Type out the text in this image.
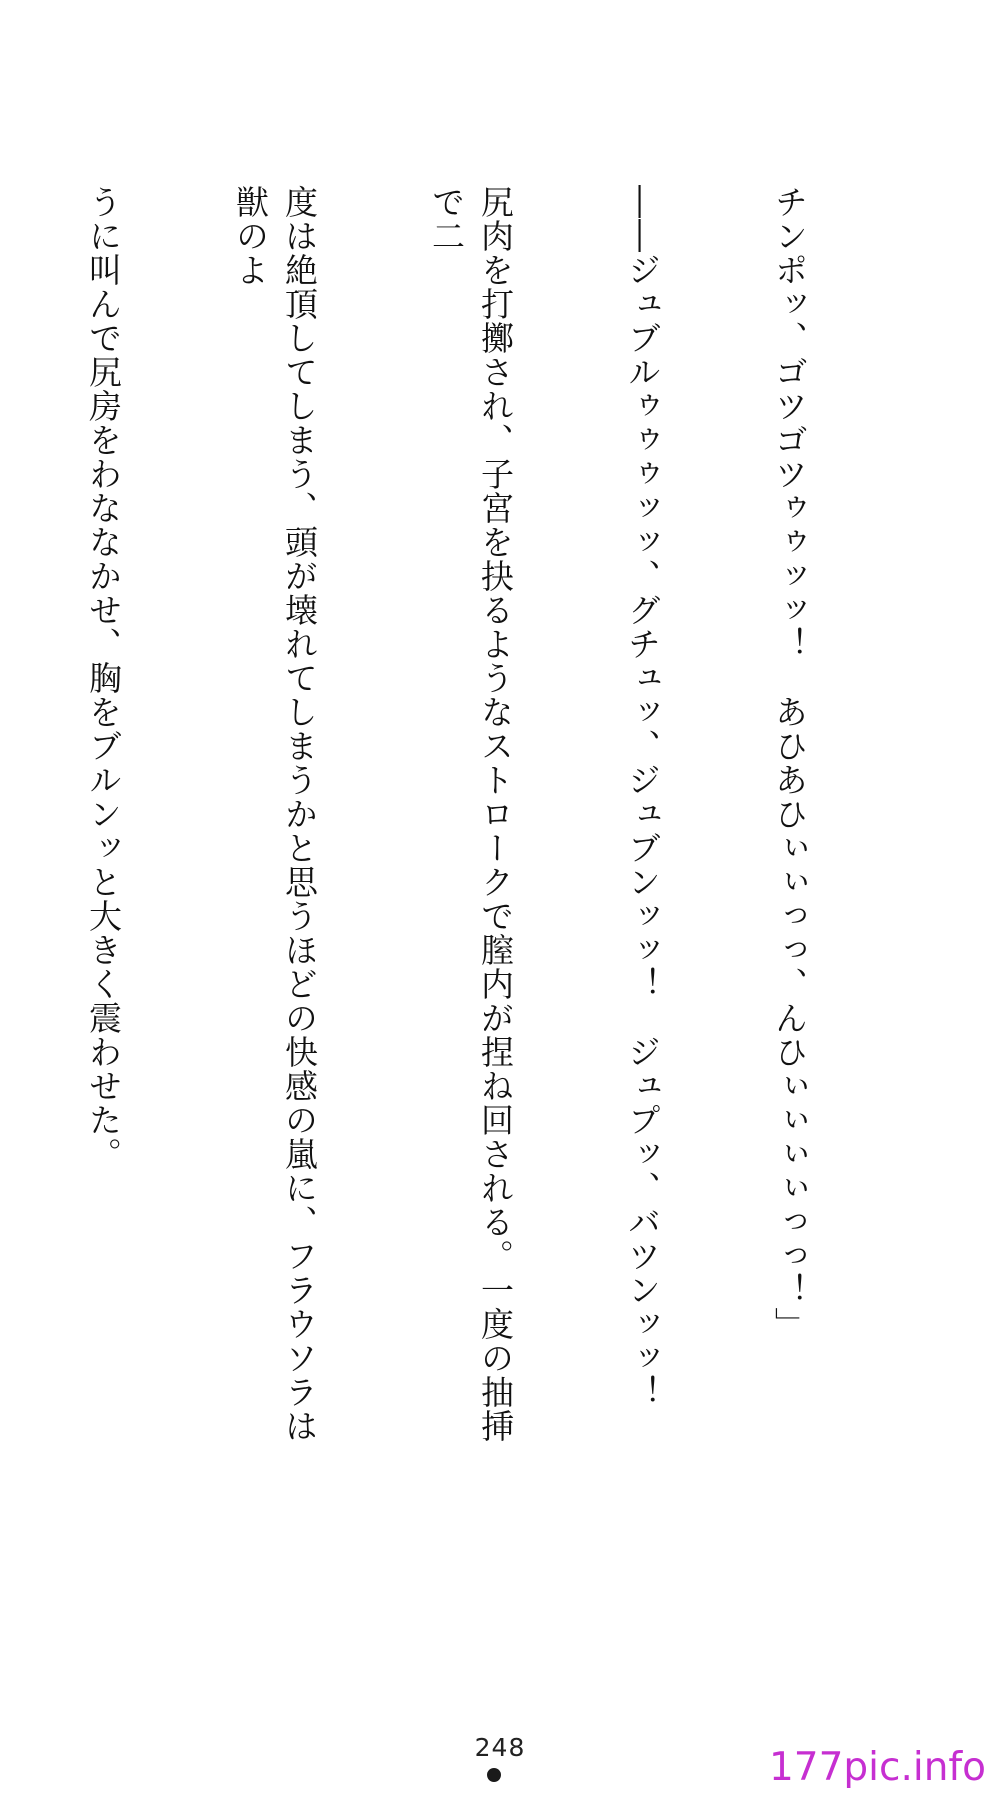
チンポッ、ゴツゴツゥゥッッ！　あひあひぃぃっっ、んひぃぃぃぃっっ！」

――ジュブルゥゥゥッッ、グチュッ、ジュブンッッ！　ジュプッ、バツンッッ！

尻肉を打擲され、子宮を抉るようなストロークで膣内が捏ね回される。一度の抽挿で二

度は絶頂してしまう、頭が壊れてしまうかと思うほどの快感の嵐に、フラウソラは獣のよ

うに叫んで尻房をわななかせ、胸をブルンッと大きく震わせた。

248	177pic.info
